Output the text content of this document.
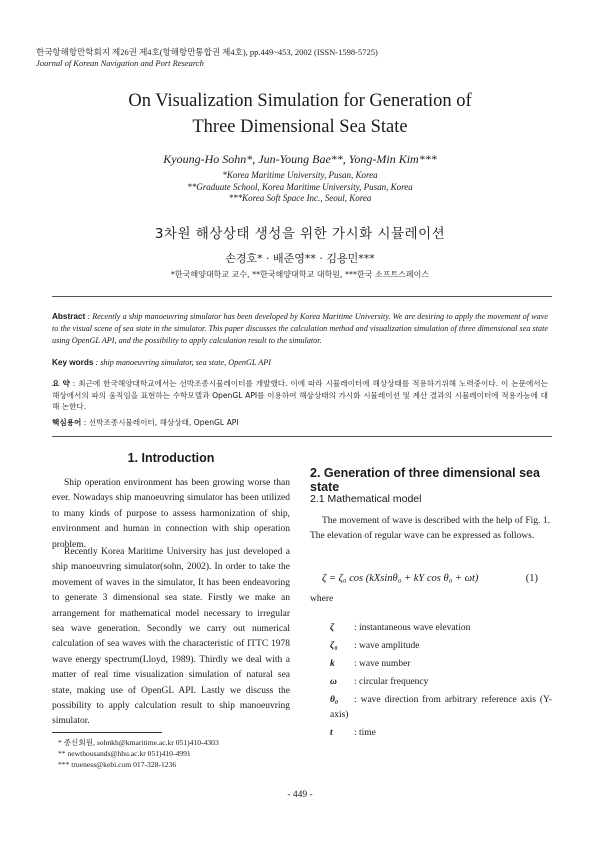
한국항해항만학회지 제26권 제4호(항해항만통합권 제4호), pp.449~453, 2002 (ISSN-1598-5725)
Journal of Korean Navigation and Port Research
On Visualization Simulation for Generation of
Three Dimensional Sea State
Kyoung-Ho Sohn*, Jun-Young Bae**, Yong-Min Kim***
*Korea Maritime University, Pusan, Korea
**Graduate School, Korea Maritime University, Pusan, Korea
***Korea Soft Space Inc., Seoul, Korea
3차원 해상상태 생성을 위한 가시화 시뮬레이션
손경호* · 배준영** · 김용민***
*한국해양대학교 교수, **한국해양대학교 대학원, ***한국 소프트스페이스
Abstract : Recently a ship manoeuvring simulator has been developed by Korea Maritime University. We are desiring to apply the movement of wave to the visual scene of sea state in the simulator. This paper discusses the calculation method and visualization simulation of three dimensional sea state using OpenGL API, and the possibility to apply calculation result to the simulator.
Key words : ship manoeuvring simulator, sea state, OpenGL API
요 약 : 최근에 한국해양대학교에서는 선박조종시뮬레이터를 개발했다. 이에 따라 시뮬레이터에 해상상태를 적용하기위해 노력중이다. 이 논문에서는 해상에서의 파의 움직임을 표현하는 수학모델과 OpenGL API를 이용하여 해상상태의 가시화 시뮬레이션 및 계산 결과의 시뮬레이터에 적용가능에 대해 논한다.
핵심용어 : 선박조종시뮬레이터, 해상상태, OpenGL API
1. Introduction
Ship operation environment has been growing worse than ever. Nowadays ship manoeuvring simulator has been utilized to many kinds of purpose to assess harmonization of ship, environment and human in connection with ship operation problem.
Recently Korea Maritime University has just developed a ship manoeuvring simulator(sohn, 2002). In order to take the movement of waves in the simulator, It has been endeavoring to generate 3 dimensional sea state. Firstly we make an arrangement for mathematical model necessary to irregular sea wave generation. Secondly we carry out numerical calculation of sea waves with the characteristic of ITTC 1978 wave energy spectrum(Lloyd, 1989). Thirdly we deal with a matter of real time visualization simulation of natural sea state, making use of OpenGL API. Lastly we discuss the possibility to apply calculation result to ship manoeuvring simulator.
* 종신회원, sohnkh@kmaritime.ac.kr 051)410-4303
** newthousands@hhu.ac.kr 051)410-4991
*** trueness@kebi.com 017-328-1236
2. Generation of three dimensional sea state
2.1 Mathematical model
The movement of wave is described with the help of Fig. 1. The elevation of regular wave can be expressed as follows.
ζ = ζ₀ cos (kXsinθ₀ + kY cos θ₀ + ωt)	(1)
where
ζ : instantaneous wave elevation
ζ₀ : wave amplitude
k : wave number
ω : circular frequency
θ₀ : wave direction from arbitrary reference axis (Y-axis)
t : time
- 449 -
